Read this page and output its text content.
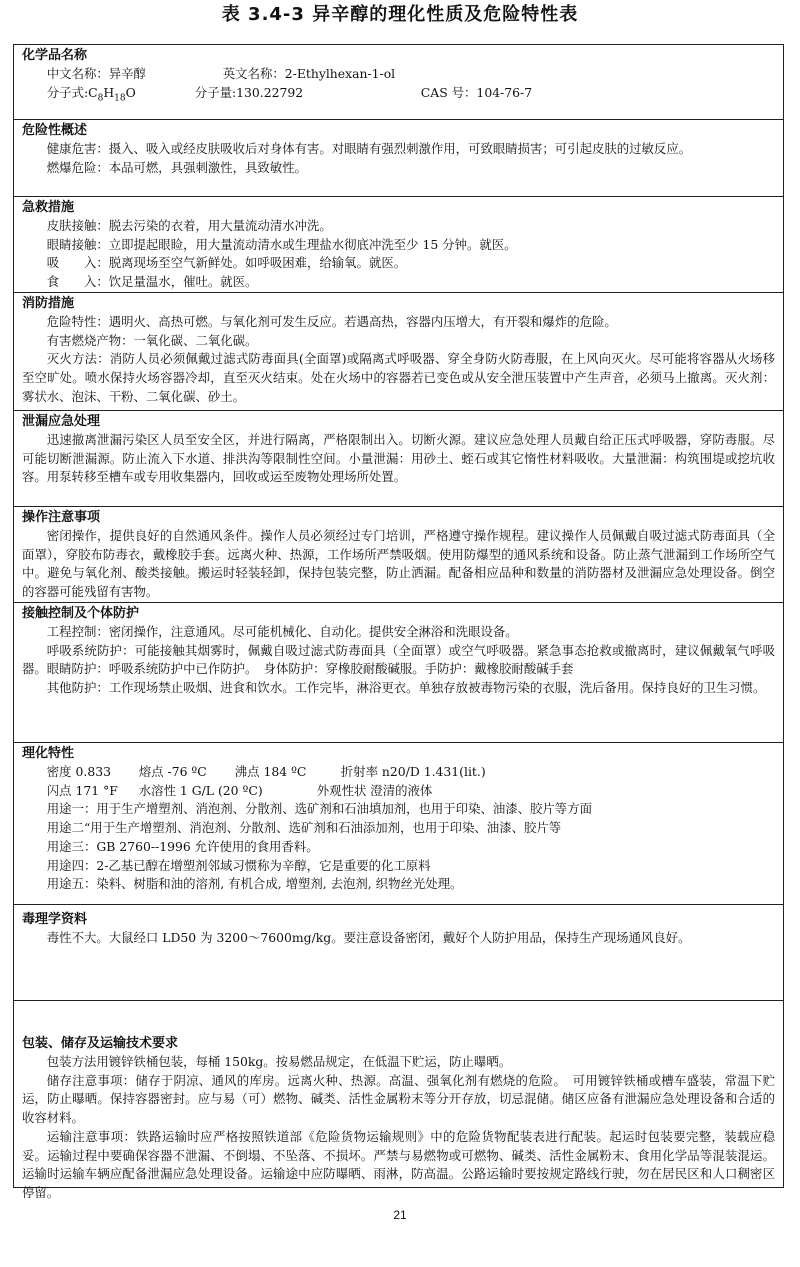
表 3.4-3 异辛醇的理化性质及危险特性表
化学品名称
中文名称：异辛醇	英文名称：2-Ethylhexan-1-ol
分子式$:C_8H_{18}O$	分子量:130.22792	CAS 号：104-76-7
危险性概述
健康危害：摄入、吸入或经皮肤吸收后对身体有害。对眼睛有强烈刺激作用，可致眼睛损害；可引起皮肤的过敏反应。
燃爆危险：本品可燃，具强刺激性，具致敏性。
急救措施
皮肤接触：脱去污染的衣着，用大量流动清水冲洗。
眼睛接触：立即提起眼睑，用大量流动清水或生理盐水彻底冲洗至少 15 分钟。就医。
吸　　入：脱离现场至空气新鲜处。如呼吸困难，给输氧。就医。
食　　入：饮足量温水，催吐。就医。
消防措施
危险特性：遇明火、高热可燃。与氧化剂可发生反应。若遇高热，容器内压增大，有开裂和爆炸的危险。
有害燃烧产物：一氧化碳、二氧化碳。
灭火方法：消防人员必须佩戴过滤式防毒面具(全面罩)或隔离式呼吸器、穿全身防火防毒服，在上风向灭火。尽可能将容器从火场移至空旷处。喷水保持火场容器冷却，直至灭火结束。处在火场中的容器若已变色或从安全泄压装置中产生声音，必须马上撤离。灭火剂：雾状水、泡沫、干粉、二氧化碳、砂土。
泄漏应急处理
迅速撤离泄漏污染区人员至安全区，并进行隔离，严格限制出入。切断火源。建议应急处理人员戴自给正压式呼吸器，穿防毒服。尽可能切断泄漏源。防止流入下水道、排洪沟等限制性空间。小量泄漏：用砂土、蛭石或其它惰性材料吸收。大量泄漏：构筑围堤或挖坑收容。用泵转移至槽车或专用收集器内，回收或运至废物处理场所处置。
操作注意事项
密闭操作，提供良好的自然通风条件。操作人员必须经过专门培训，严格遵守操作规程。建议操作人员佩戴自吸过滤式防毒面具（全面罩），穿胶布防毒衣，戴橡胶手套。远离火种、热源，工作场所严禁吸烟。使用防爆型的通风系统和设备。防止蒸气泄漏到工作场所空气中。避免与氧化剂、酸类接触。搬运时轻装轻卸，保持包装完整，防止洒漏。配备相应品种和数量的消防器材及泄漏应急处理设备。倒空的容器可能残留有害物。
接触控制及个体防护
工程控制：密闭操作，注意通风。尽可能机械化、自动化。提供安全淋浴和洗眼设备。
呼吸系统防护：可能接触其烟雾时，佩戴自吸过滤式防毒面具（全面罩）或空气呼吸器。紧急事态抢救或撤离时，建议佩戴氧气呼吸器。眼睛防护：呼吸系统防护中已作防护。　身体防护：穿橡胶耐酸碱服。手防护：戴橡胶耐酸碱手套
其他防护：工作现场禁止吸烟、进食和饮水。工作完毕，淋浴更衣。单独存放被毒物污染的衣服，洗后备用。保持良好的卫生习惯。
理化特性
密度 0.833 熔点 -76 ºC 沸点 184 ºC	折射率 n20/D 1.431(lit.)
闪点 171 °F 水溶性 1 G/L (20 ºC)	外观性状 澄清的液体
用途一：用于生产增塑剂、消泡剂、分散剂、选矿剂和石油填加剂，也用于印染、油漆、胶片等方面
用途二“用于生产增塑剂、消泡剂、分散剂、选矿剂和石油添加剂，也用于印染、油漆、胶片等
用途三：GB 2760--1996 允许使用的食用香料。
用途四：2-乙基已醇在增塑剂邻域习惯称为辛醇，它是重要的化工原料
用途五：染料、树脂和油的溶剂, 有机合成, 增塑剂, 去泡剂, 织物丝光处理。
毒理学资料
毒性不大。大鼠经口 LD50 为 3200～7600mg/kg。要注意设备密闭，戴好个人防护用品，保持生产现场通风良好。
包装、储存及运输技术要求
包装方法用镀锌铁桶包装，每桶 150kg。按易燃品规定，在低温下贮运，防止曝晒。
储存注意事项：储存于阴凉、通风的库房。远离火种、热源。高温、强氧化剂有燃烧的危险。　可用镀锌铁桶或槽车盛装，常温下贮运，防止曝晒。保持容器密封。应与易（可）燃物、碱类、活性金属粉末等分开存放，切忌混储。储区应备有泄漏应急处理设备和合适的收容材料。
运输注意事项：铁路运输时应严格按照铁道部《危险货物运输规则》中的危险货物配装表进行配装。起运时包装要完整，装载应稳妥。运输过程中要确保容器不泄漏、不倒塌、不坠落、不损坏。严禁与易燃物或可燃物、碱类、活性金属粉末、食用化学品等混装混运。运输时运输车辆应配备泄漏应急处理设备。运输途中应防曝晒、雨淋，防高温。公路运输时要按规定路线行驶，勿在居民区和人口稠密区停留。
21
